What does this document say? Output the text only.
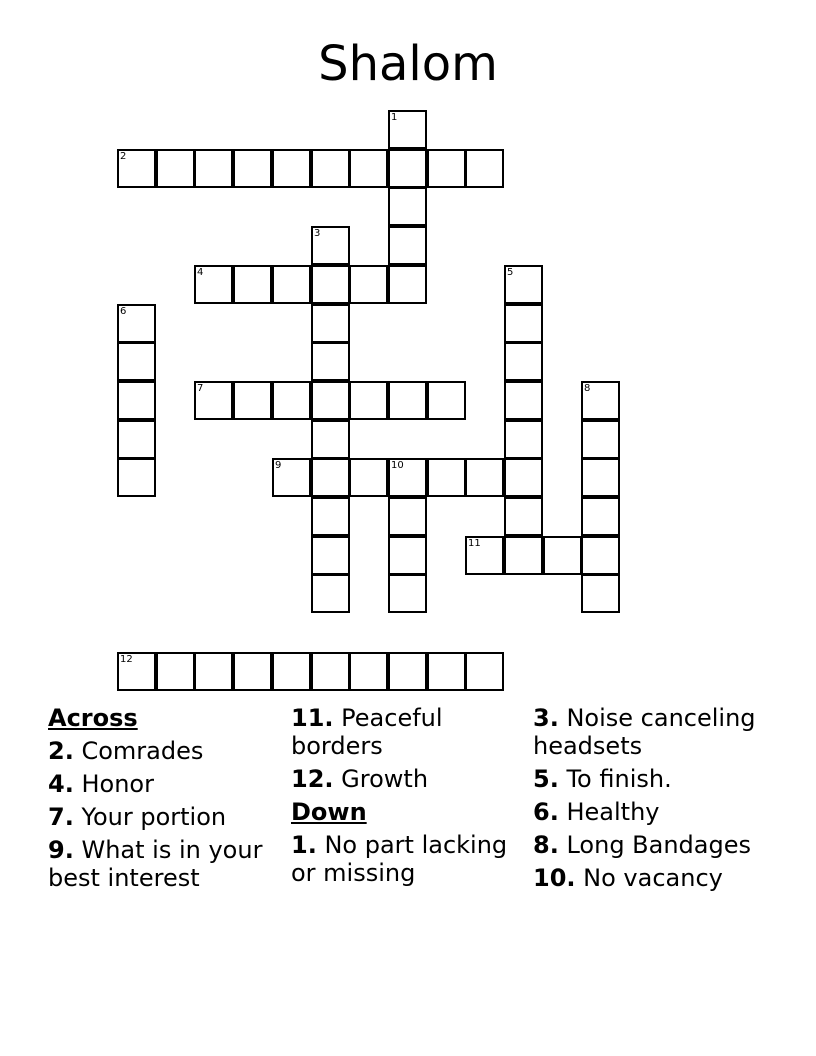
Shalom
1
2
3
4	5
6
7	8
9	10
11
12
Across
2. Comrades
4. Honor
7. Your portion
9. What is in your best interest
11. Peaceful borders
12. Growth
Down
1. No part lacking or missing
3. Noise canceling headsets
5. To finish.
6. Healthy
8. Long Bandages
10. No vacancy
